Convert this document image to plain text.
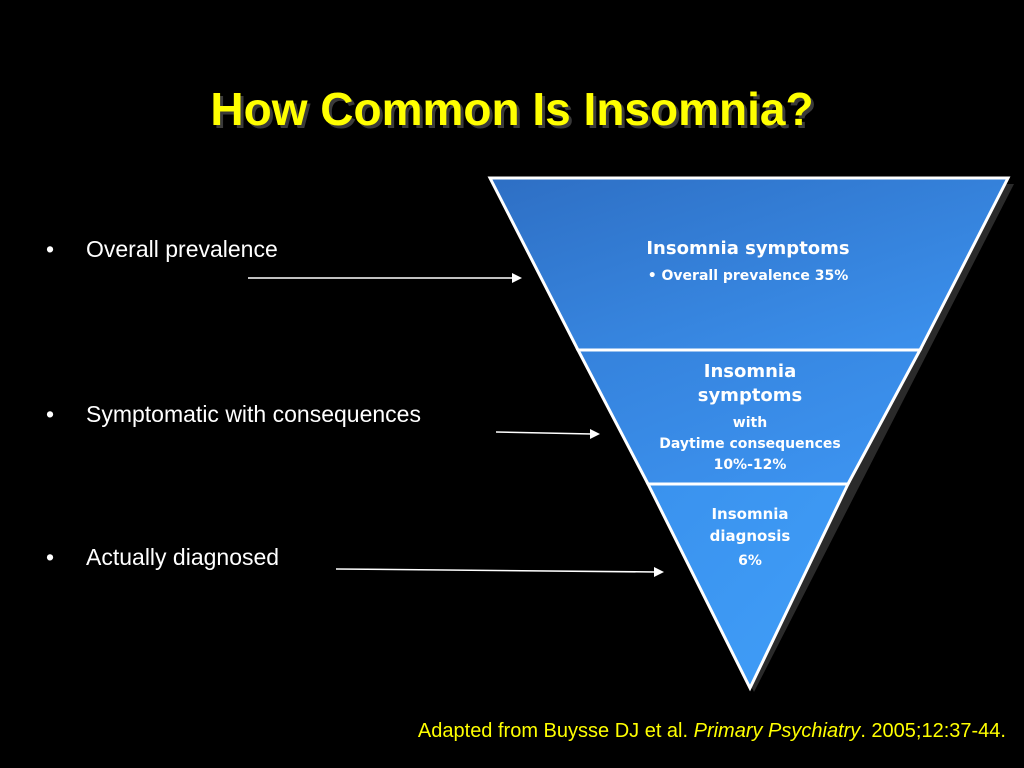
How Common Is Insomnia?
• Overall prevalence
• Symptomatic with consequences
• Actually diagnosed
Insomnia symptoms
• Overall prevalence 35%
Insomnia
symptoms
with
Daytime consequences
10%-12%
Insomnia
diagnosis
6%
Adapted from Buysse DJ et al. Primary Psychiatry. 2005;12:37-44.
